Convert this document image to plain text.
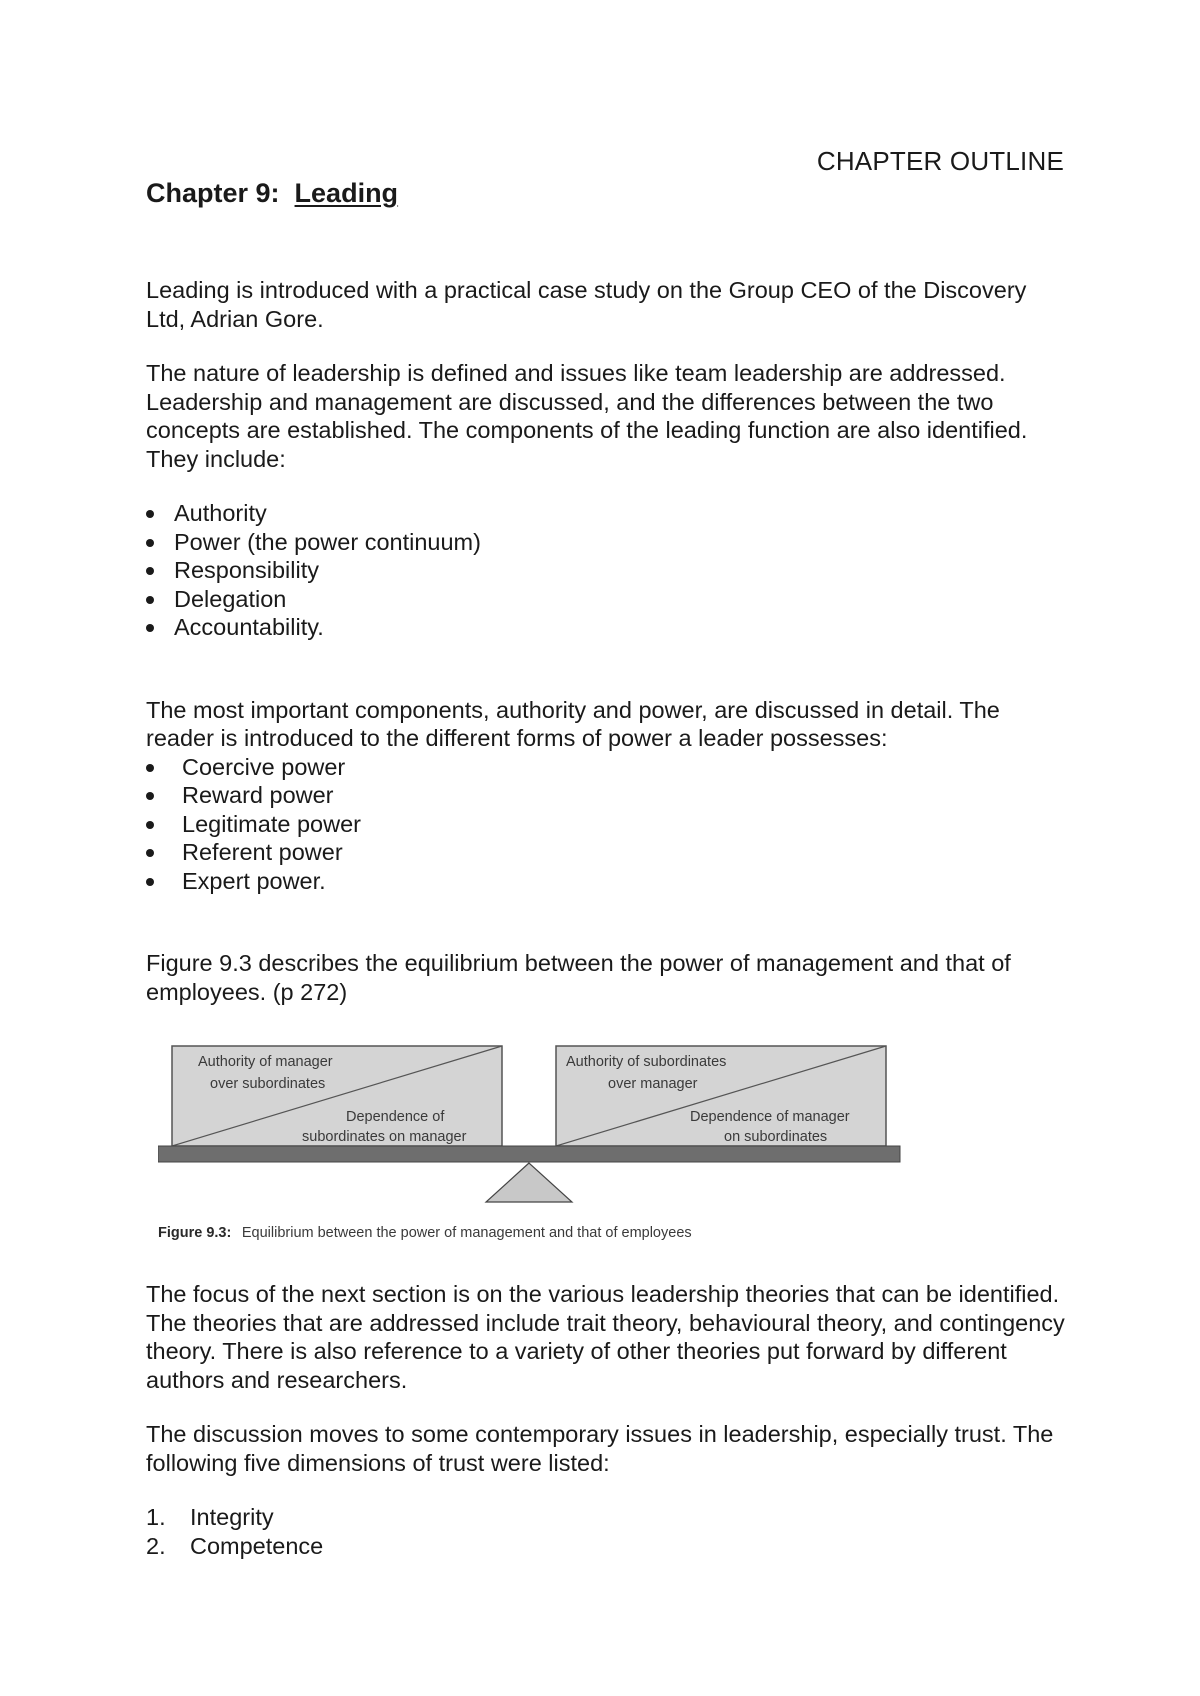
CHAPTER OUTLINE
Chapter 9: Leading

Leading is introduced with a practical case study on the Group CEO of the Discovery Ltd, Adrian Gore.

The nature of leadership is defined and issues like team leadership are addressed. Leadership and management are discussed, and the differences between the two concepts are established. The components of the leading function are also identified. They include:

Authority
Power (the power continuum)
Responsibility
Delegation
Accountability.

The most important components, authority and power, are discussed in detail. The reader is introduced to the different forms of power a leader possesses:

Coercive power
Reward power
Legitimate power
Referent power
Expert power.

Figure 9.3 describes the equilibrium between the power of management and that of employees. (p 272)

Authority of manager
over subordinates
Dependence of
subordinates on manager
Authority of subordinates
over manager
Dependence of manager
on subordinates
Figure 9.3: Equilibrium between the power of management and that of employees

The focus of the next section is on the various leadership theories that can be identified. The theories that are addressed include trait theory, behavioural theory, and contingency theory. There is also reference to a variety of other theories put forward by different authors and researchers.

The discussion moves to some contemporary issues in leadership, especially trust. The following five dimensions of trust were listed:

1.	Integrity
2.	Competence
